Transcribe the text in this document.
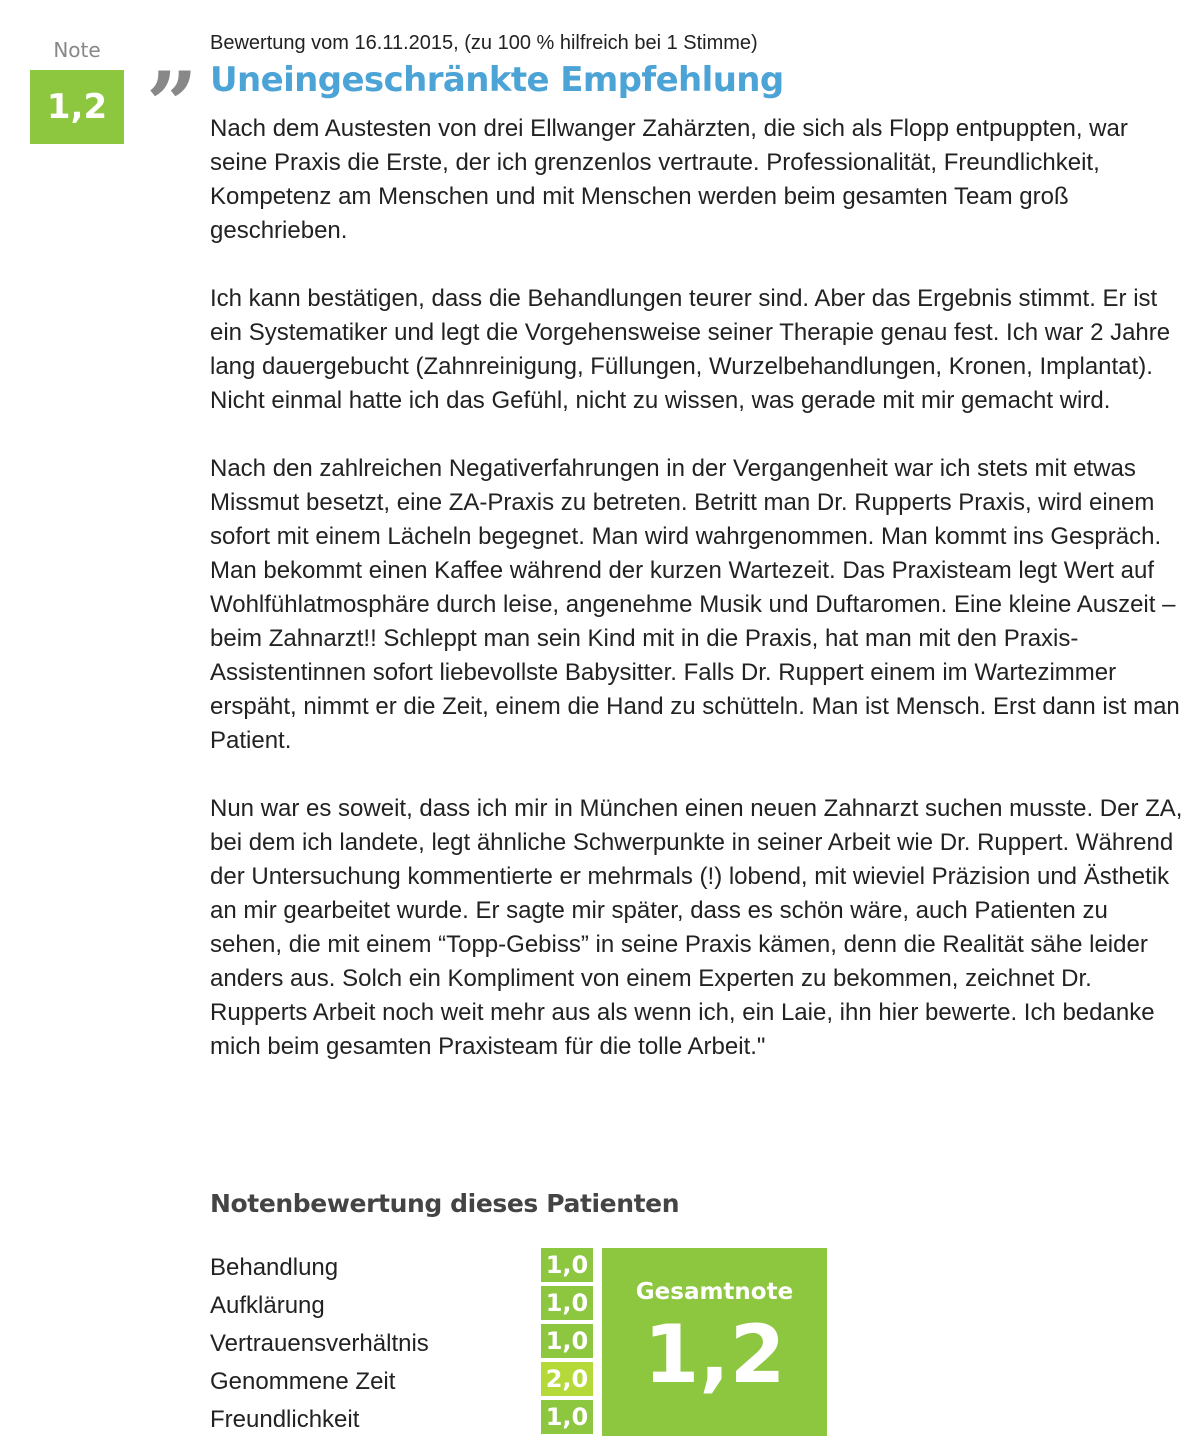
Note
1,2 ”
Bewertung vom 16.11.2015, (zu 100 % hilfreich bei 1 Stimme)
Uneingeschränkte Empfehlung

Nach dem Austesten von drei Ellwanger Zahärzten, die sich als Flopp entpuppten, war seine Praxis die Erste, der ich grenzenlos vertraute. Professionalität, Freundlichkeit, Kompetenz am Menschen und mit Menschen werden beim gesamten Team groß geschrieben.

Ich kann bestätigen, dass die Behandlungen teurer sind. Aber das Ergebnis stimmt. Er ist ein Systematiker und legt die Vorgehensweise seiner Therapie genau fest. Ich war 2 Jahre lang dauergebucht (Zahnreinigung, Füllungen, Wurzelbehandlungen, Kronen, Implantat). Nicht einmal hatte ich das Gefühl, nicht zu wissen, was gerade mit mir gemacht wird.

Nach den zahlreichen Negativerfahrungen in der Vergangenheit war ich stets mit etwas Missmut besetzt, eine ZA-Praxis zu betreten. Betritt man Dr. Rupperts Praxis, wird einem sofort mit einem Lächeln begegnet. Man wird wahrgenommen. Man kommt ins Gespräch. Man bekommt einen Kaffee während der kurzen Wartezeit. Das Praxisteam legt Wert auf Wohlfühlatmosphäre durch leise, angenehme Musik und Duftaromen. Eine kleine Auszeit – beim Zahnarzt!! Schleppt man sein Kind mit in die Praxis, hat man mit den Praxis-Assistentinnen sofort liebevollste Babysitter. Falls Dr. Ruppert einem im Wartezimmer erspäht, nimmt er die Zeit, einem die Hand zu schütteln. Man ist Mensch. Erst dann ist man Patient.

Nun war es soweit, dass ich mir in München einen neuen Zahnarzt suchen musste. Der ZA, bei dem ich landete, legt ähnliche Schwerpunkte in seiner Arbeit wie Dr. Ruppert. Während der Untersuchung kommentierte er mehrmals (!) lobend, mit wieviel Präzision und Ästhetik an mir gearbeitet wurde. Er sagte mir später, dass es schön wäre, auch Patienten zu sehen, die mit einem “Topp-Gebiss” in seine Praxis kämen, denn die Realität sähe leider anders aus. Solch ein Kompliment von einem Experten zu bekommen, zeichnet Dr. Rupperts Arbeit noch weit mehr aus als wenn ich, ein Laie, ihn hier bewerte. Ich bedanke mich beim gesamten Praxisteam für die tolle Arbeit."

Notenbewertung dieses Patienten
Behandlung
Aufklärung
Vertrauensverhältnis
Genommene Zeit
Freundlichkeit
1,0
1,0
1,0
2,0
1,0
Gesamtnote
1,2
